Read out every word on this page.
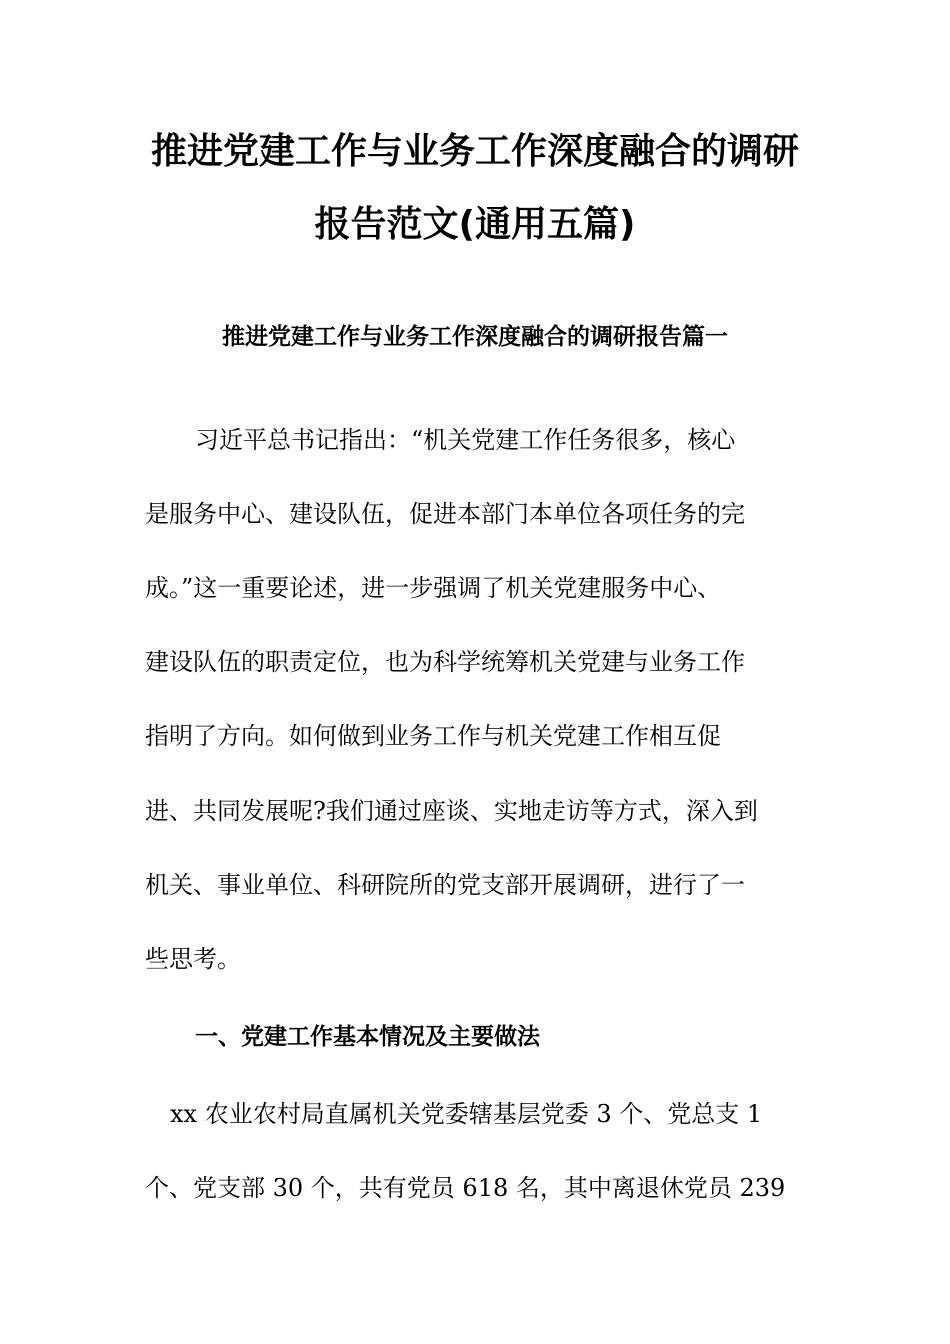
推进党建工作与业务工作深度融合的调研
报告范文(通用五篇)
推进党建工作与业务工作深度融合的调研报告篇一
习近平总书记指出：“机关党建工作任务很多，核心
是服务中心、建设队伍，促进本部门本单位各项任务的完
成。”这一重要论述，进一步强调了机关党建服务中心、
建设队伍的职责定位，也为科学统筹机关党建与业务工作
指明了方向。如何做到业务工作与机关党建工作相互促
进、共同发展呢?我们通过座谈、实地走访等方式，深入到
机关、事业单位、科研院所的党支部开展调研，进行了一
些思考。
一、党建工作基本情况及主要做法
xx 农业农村局直属机关党委辖基层党委 3 个、党总支 1
个、党支部 30 个，共有党员 618 名，其中离退休党员 239
